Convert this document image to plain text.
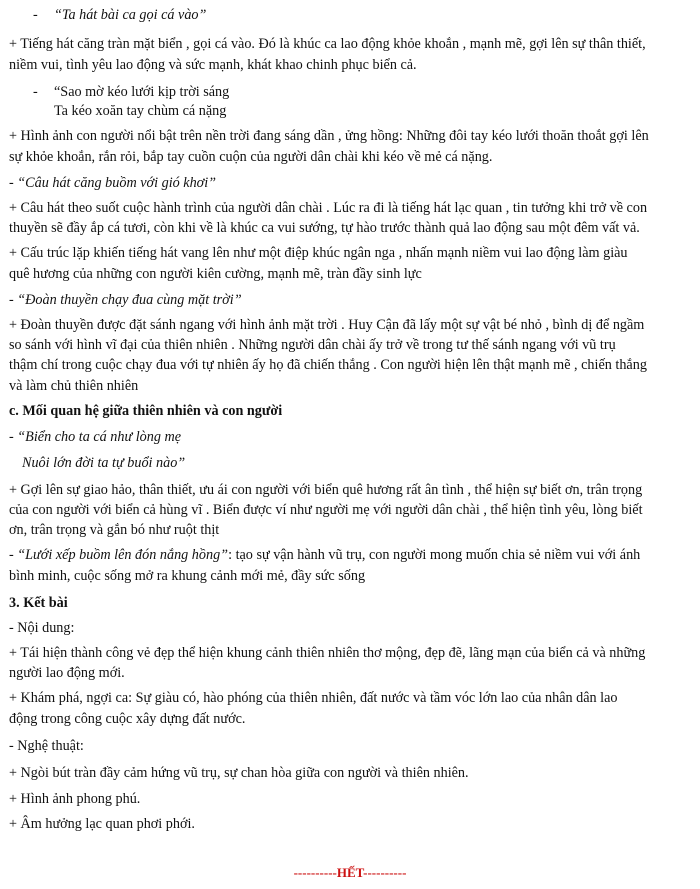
- “Ta hát bài ca gọi cá vào”
+ Tiếng hát căng tràn mặt biển , gọi cá vào. Đó là khúc ca lao động khỏe khoắn , mạnh mẽ, gợi lên sự thân thiết,
niềm vui, tình yêu lao động và sức mạnh, khát khao chinh phục biển cả.
- “Sao mờ kéo lưới kịp trời sáng
Ta kéo xoăn tay chùm cá nặng
+ Hình ảnh con người nổi bật trên nền trời đang sáng dần , ửng hồng: Những đôi tay kéo lưới thoăn thoắt gợi lên
sự khỏe khoắn, rắn rỏi, bắp tay cuồn cuộn của người dân chài khi kéo về mẻ cá nặng.
- “Câu hát căng buồm với gió khơi”
+ Câu hát theo suốt cuộc hành trình của người dân chài . Lúc ra đi là tiếng hát lạc quan , tin tưởng khi trở về con
thuyền sẽ đầy ắp cá tươi, còn khi về là khúc ca vui sướng, tự hào trước thành quả lao động sau một đêm vất vả.
+ Cấu trúc lặp khiến tiếng hát vang lên như một điệp khúc ngân nga , nhấn mạnh niềm vui lao động làm giàu
quê hương của những con người kiên cường, mạnh mẽ, tràn đầy sinh lực
- “Đoàn thuyền chạy đua cùng mặt trời”
+ Đoàn thuyền được đặt sánh ngang với hình ảnh mặt trời . Huy Cận đã lấy một sự vật bé nhỏ , bình dị để ngầm
so sánh với hình vĩ đại của thiên nhiên . Những người dân chài ấy trở về trong tư thế sánh ngang với vũ trụ
thậm chí trong cuộc chạy đua với tự nhiên ấy họ đã chiến thắng . Con người hiện lên thật mạnh mẽ , chiến thắng
và làm chủ thiên nhiên
c. Mối quan hệ giữa thiên nhiên và con người
- “Biển cho ta cá như lòng mẹ
Nuôi lớn đời ta tự buổi nào”
+ Gợi lên sự giao hảo, thân thiết, ưu ái con người với biển quê hương rất ân tình , thể hiện sự biết ơn, trân trọng
của con người với biển cả hùng vĩ . Biển được ví như người mẹ với người dân chài , thể hiện tình yêu, lòng biết
ơn, trân trọng và gắn bó như ruột thịt
- “Lưới xếp buồm lên đón nắng hồng”: tạo sự vận hành vũ trụ, con người mong muốn chia sẻ niềm vui với ánh
bình minh, cuộc sống mở ra khung cảnh mới mẻ, đầy sức sống
3. Kết bài
- Nội dung:
+ Tái hiện thành công vẻ đẹp thể hiện khung cảnh thiên nhiên thơ mộng, đẹp đẽ, lãng mạn của biển cả và những
người lao động mới.
+ Khám phá, ngợi ca: Sự giàu có, hào phóng của thiên nhiên, đất nước và tầm vóc lớn lao của nhân dân lao
động trong công cuộc xây dựng đất nước.
- Nghệ thuật:
+ Ngòi bút tràn đầy cảm hứng vũ trụ, sự chan hòa giữa con người và thiên nhiên.
+ Hình ảnh phong phú.
+ Âm hưởng lạc quan phơi phới.
----------HẾT----------
